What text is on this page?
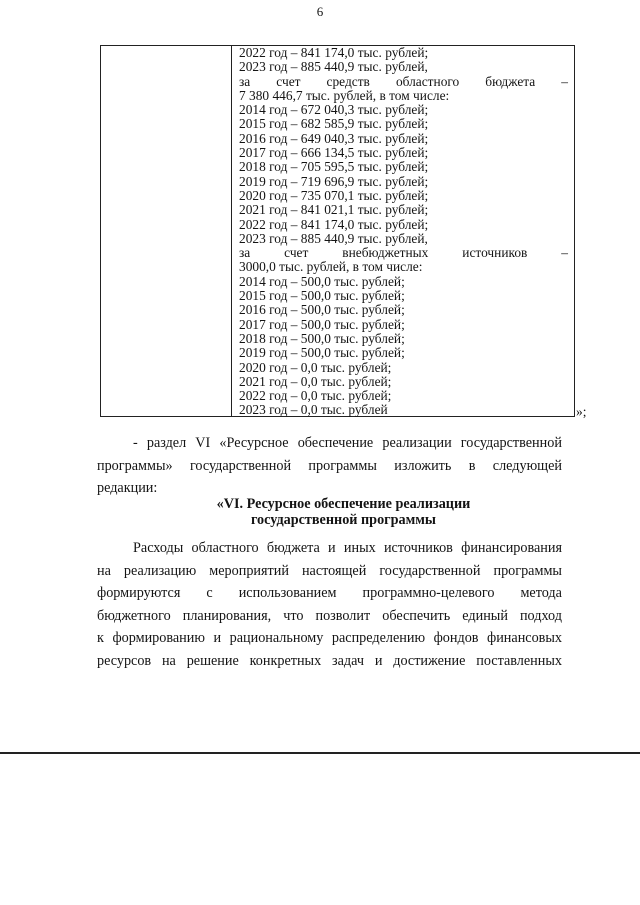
6
2022 год – 841 174,0 тыс. рублей;
2023 год – 885 440,9 тыс. рублей,
за счет средств областного бюджета –
7 380 446,7 тыс. рублей, в том числе:
2014 год – 672 040,3 тыс. рублей;
2015 год – 682 585,9 тыс. рублей;
2016 год – 649 040,3 тыс. рублей;
2017 год – 666 134,5 тыс. рублей;
2018 год – 705 595,5 тыс. рублей;
2019 год – 719 696,9 тыс. рублей;
2020 год – 735 070,1 тыс. рублей;
2021 год – 841 021,1 тыс. рублей;
2022 год – 841 174,0 тыс. рублей;
2023 год – 885 440,9 тыс. рублей,
за	счет	внебюджетных	источников	–
3000,0 тыс. рублей, в том числе:
2014 год – 500,0 тыс. рублей;
2015 год – 500,0 тыс. рублей;
2016 год – 500,0 тыс. рублей;
2017 год – 500,0 тыс. рублей;
2018 год – 500,0 тыс. рублей;
2019 год – 500,0 тыс. рублей;
2020 год – 0,0 тыс. рублей;
2021 год – 0,0 тыс. рублей;
2022 год – 0,0 тыс. рублей;
2023 год – 0,0 тыс. рублей	»;
- раздел VI «Ресурсное обеспечение реализации государственной
программы» государственной программы изложить в следующей
редакции:
«VI. Ресурсное обеспечение реализации
государственной программы
Расходы областного бюджета и иных источников финансирования
на реализацию мероприятий настоящей государственной программы
формируются с использованием программно-целевого метода
бюджетного планирования, что позволит обеспечить единый подход
к формированию и рациональному распределению фондов финансовых
ресурсов на решение конкретных задач и достижение поставленных
